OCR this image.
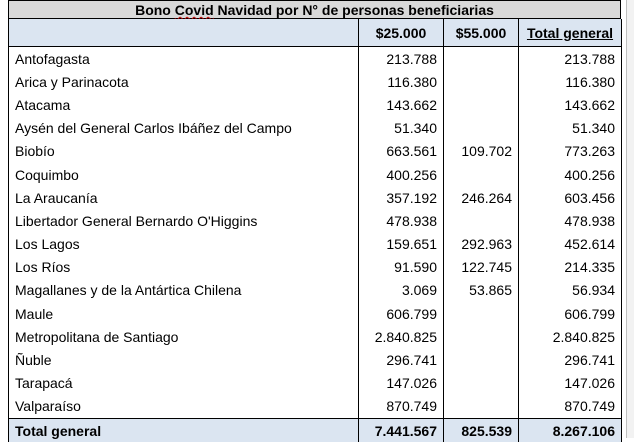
Bono Covid Navidad por N° de personas beneficiarias
	$25.000	$55.000	Total general
Antofagasta	213.788		213.788
Arica y Parinacota	116.380		116.380
Atacama	143.662		143.662
Aysén del General Carlos Ibáñez del Campo	51.340		51.340
Biobío	663.561	109.702	773.263
Coquimbo	400.256		400.256
La Araucanía	357.192	246.264	603.456
Libertador General Bernardo O'Higgins	478.938		478.938
Los Lagos	159.651	292.963	452.614
Los Ríos	91.590	122.745	214.335
Magallanes y de la Antártica Chilena	3.069	53.865	56.934
Maule	606.799		606.799
Metropolitana de Santiago	2.840.825		2.840.825
Ñuble	296.741		296.741
Tarapacá	147.026		147.026
Valparaíso	870.749		870.749
Total general	7.441.567	825.539	8.267.106
